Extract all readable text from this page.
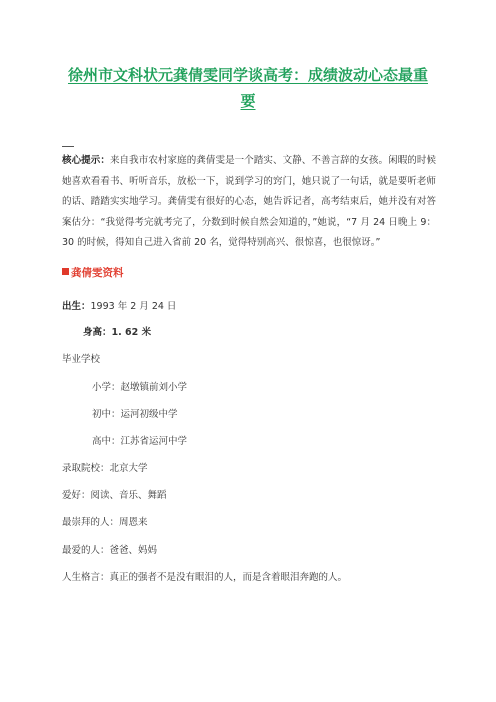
徐州市文科状元龚倩雯同学谈高考：成绩波动心态最重要
核心提示：来自我市农村家庭的龚倩雯是一个踏实、文静、不善言辞的女孩。闲暇的时候她喜欢看看书、听听音乐，放松一下，说到学习的窍门，她只说了一句话，就是要听老师的话、踏踏实实地学习。龚倩雯有很好的心态，她告诉记者，高考结束后，她并没有对答案估分：“我觉得考完就考完了，分数到时候自然会知道的，”她说，“7 月 24 日晚上 9：30 的时候，得知自己进入省前 20 名，觉得特别高兴、很惊喜，也很惊讶。”
龚倩雯资料
出生：1993 年 2 月 24 日
身高：1. 62 米
毕业学校
小学：赵墩镇前刘小学
初中：运河初级中学
高中：江苏省运河中学
录取院校：北京大学
爱好：阅读、音乐、舞蹈
最崇拜的人：周恩来
最爱的人：爸爸、妈妈
人生格言：真正的强者不是没有眼泪的人，而是含着眼泪奔跑的人。
